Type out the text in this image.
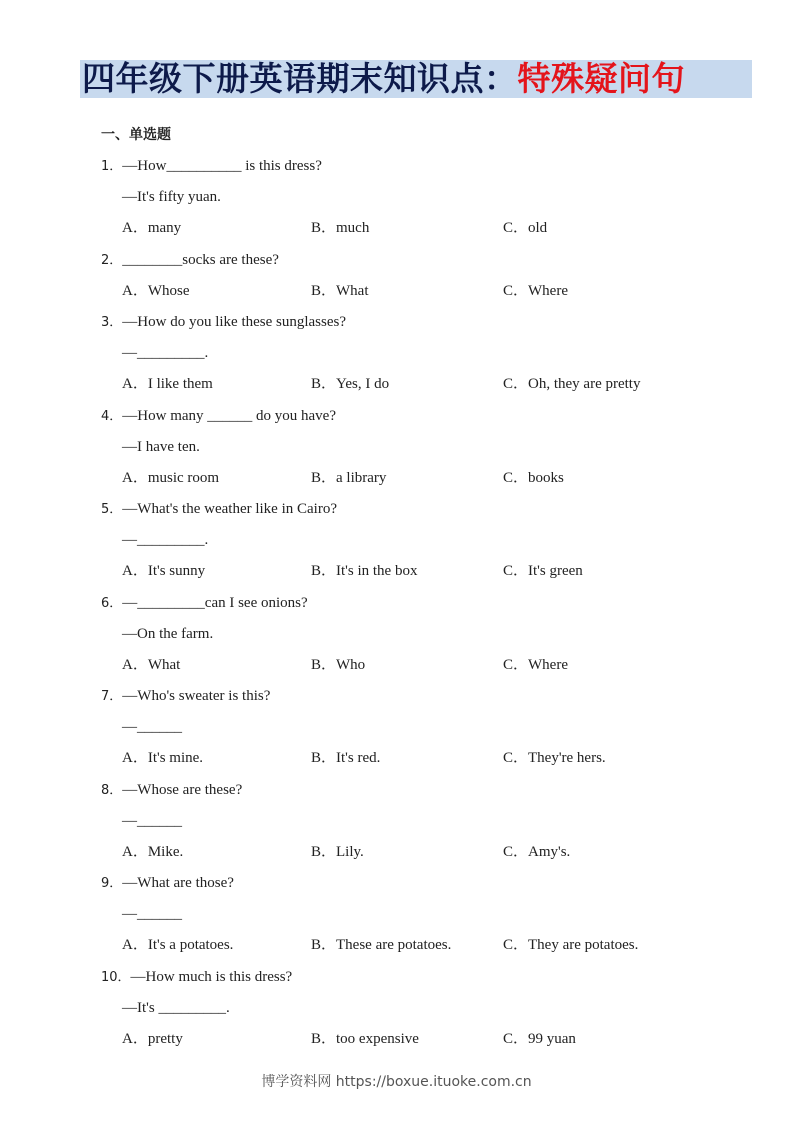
四年级下册英语期末知识点：特殊疑问句
一、单选题
1．—How__________ is this dress?
—It's fifty yuan.
A．many	B．much	C．old
2．________socks are these?
A．Whose	B．What	C．Where
3．—How do you like these sunglasses?
—_________.
A．I like them	B．Yes, I do	C．Oh, they are pretty
4．—How many ______ do you have?
—I have ten.
A．music room	B．a library	C．books
5．—What's the weather like in Cairo?
—_________.
A．It's sunny	B．It's in the box	C．It's green
6．—_________can I see onions?
—On the farm.
A．What	B．Who	C．Where
7．—Who's sweater is this?
—______
A．It's mine.	B．It's red.	C．They're hers.
8．—Whose are these?
—______
A．Mike.	B．Lily.	C．Amy's.
9．—What are those?
—______
A．It's a potatoes.	B．These are potatoes.	C．They are potatoes.
10．—How much is this dress?
—It's _________.
A．pretty	B．too expensive	C．99 yuan
博学资料网 https://boxue.ituoke.com.cn
